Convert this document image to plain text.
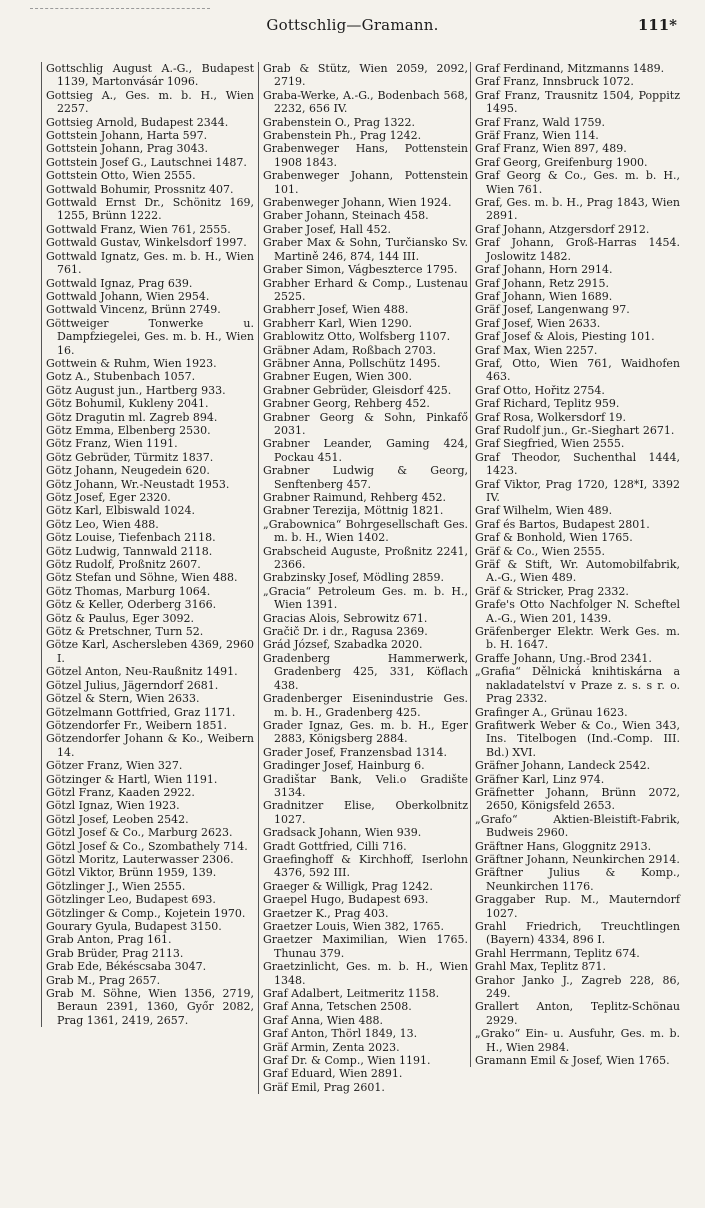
Gottschlig—Gramann.	111*

Gottschlig August A.-G., Budapest 1139, Martonvásár 1096.

Gottsieg A., Ges. m. b. H., Wien 2257.

Gottsieg Arnold, Budapest 2344.

Gottstein Johann, Harta 597.

Gottstein Johann, Prag 3043.

Gottstein Josef G., Lautschnei 1487.

Gottstein Otto, Wien 2555.

Gottwald Bohumir, Prossnitz 407.

Gottwald Ernst Dr., Schönitz 169, 1255, Brünn 1222.

Gottwald Franz, Wien 761, 2555.

Gottwald Gustav, Winkelsdorf 1997.

Gottwald Ignatz, Ges. m. b. H., Wien 761.

Gottwald Ignaz, Prag 639.

Gottwald Johann, Wien 2954.

Gottwald Vincenz, Brünn 2749.

Göttweiger Tonwerke u. Dampfziegelei, Ges. m. b. H., Wien 16.

Gottwein & Ruhm, Wien 1923.

Gotz A., Stubenbach 1057.

Götz August jun., Hartberg 933.

Götz Bohumil, Kukleny 2041.

Götz Dragutin ml. Zagreb 894.

Götz Emma, Elbenberg 2530.

Götz Franz, Wien 1191.

Götz Gebrüder, Türmitz 1837.

Götz Johann, Neugedein 620.

Götz Johann, Wr.-Neustadt 1953.

Götz Josef, Eger 2320.

Götz Karl, Elbiswald 1024.

Götz Leo, Wien 488.

Götz Louise, Tiefenbach 2118.

Götz Ludwig, Tannwald 2118.

Götz Rudolf, Proßnitz 2607.

Götz Stefan und Söhne, Wien 488.

Götz Thomas, Marburg 1064.

Götz & Keller, Oderberg 3166.

Götz & Paulus, Eger 3092.

Götz & Pretschner, Turn 52.

Götze Karl, Aschersleben 4369, 2960 I.

Götzel Anton, Neu-Raußnitz 1491.

Götzel Julius, Jägerndorf 2681.

Götzel & Stern, Wien 2633.

Götzelmann Gottfried, Graz 1171.

Götzendorfer Fr., Weibern 1851.

Götzendorfer Johann & Ko., Weibern 14.

Götzer Franz, Wien 327.

Götzinger & Hartl, Wien 1191.

Götzl Franz, Kaaden 2922.

Götzl Ignaz, Wien 1923.

Götzl Josef, Leoben 2542.

Götzl Josef & Co., Marburg 2623.

Götzl Josef & Co., Szombathely 714.

Götzl Moritz, Lauterwasser 2306.

Götzl Viktor, Brünn 1959, 139.

Götzlinger J., Wien 2555.

Götzlinger Leo, Budapest 693.

Götzlinger & Comp., Kojetein 1970.

Gourary Gyula, Budapest 3150.

Grab Anton, Prag 161.

Grab Brüder, Prag 2113.

Grab Ede, Békéscsaba 3047.

Grab M., Prag 2657.

Grab M. Söhne, Wien 1356, 2719, Beraun 2391, 1360, Győr 2082, Prag 1361, 2419, 2657.

Grab & Stütz, Wien 2059, 2092, 2719.

Graba-Werke, A.-G., Bodenbach 568, 2232, 656 IV.

Grabenstein O., Prag 1322.

Grabenstein Ph., Prag 1242.

Grabenweger Hans, Pottenstein 1908 1843.

Grabenweger Johann, Pottenstein 101.

Grabenweger Johann, Wien 1924.

Graber Johann, Steinach 458.

Graber Josef, Hall 452.

Graber Max & Sohn, Turčiansko Sv. Martině 246, 874, 144 III.

Graber Simon, Vágbeszterce 1795.

Grabher Erhard & Comp., Lustenau 2525.

Grabherr Josef, Wien 488.

Grabherr Karl, Wien 1290.

Grablowitz Otto, Wolfsberg 1107.

Gräbner Adam, Roßbach 2703.

Gräbner Anna, Pollschütz 1495.

Grabner Eugen, Wien 300.

Grabner Gebrüder, Gleisdorf 425.

Grabner Georg, Rehberg 452.

Grabner Georg & Sohn, Pinkafő 2031.

Grabner Leander, Gaming 424, Pockau 451.

Grabner Ludwig & Georg, Senftenberg 457.

Grabner Raimund, Rehberg 452.

Grabner Terezija, Möttnig 1821.

„Grabownica“ Bohrgesellschaft Ges. m. b. H., Wien 1402.

Grabscheid Auguste, Proßnitz 2241, 2366.

Grabzinsky Josef, Mödling 2859.

„Gracia“ Petroleum Ges. m. b. H., Wien 1391.

Gracias Alois, Sebrowitz 671.

Gračič Dr. i dr., Ragusa 2369.

Grád József, Szabadka 2020.

Gradenberg Hammerwerk, Gradenberg 425, 331, Köflach 438.

Gradenberger Eisenindustrie Ges. m. b. H., Gradenberg 425.

Grader Ignaz, Ges. m. b. H., Eger 2883, Königsberg 2884.

Grader Josef, Franzensbad 1314.

Gradinger Josef, Hainburg 6.

Gradištar Bank, Veli.o Gradište 3134.

Gradnitzer Elise, Oberkolbnitz 1027.

Gradsack Johann, Wien 939.

Gradt Gottfried, Cilli 716.

Graefinghoff & Kirchhoff, Iserlohn 4376, 592 III.

Graeger & Willigk, Prag 1242.

Graepel Hugo, Budapest 693.

Graetzer K., Prag 403.

Graetzer Louis, Wien 382, 1765.

Graetzer Maximilian, Wien 1765. Thunau 379.

Graetzinlicht, Ges. m. b. H., Wien 1348.

Graf Adalbert, Leitmeritz 1158.

Graf Anna, Tetschen 2508.

Graf Anna, Wien 488.

Graf Anton, Thörl 1849, 13.

Gräf Armin, Zenta 2023.

Graf Dr. & Comp., Wien 1191.

Graf Eduard, Wien 2891.

Gräf Emil, Prag 2601.

Graf Ferdinand, Mitzmanns 1489.

Graf Franz, Innsbruck 1072.

Graf Franz, Trausnitz 1504, Poppitz 1495.

Graf Franz, Wald 1759.

Gräf Franz, Wien 114.

Graf Franz, Wien 897, 489.

Graf Georg, Greifenburg 1900.

Graf Georg & Co., Ges. m. b. H., Wien 761.

Graf, Ges. m. b. H., Prag 1843, Wien 2891.

Graf Johann, Atzgersdorf 2912.

Graf Johann, Groß-Harras 1454. Joslowitz 1482.

Graf Johann, Horn 2914.

Graf Johann, Retz 2915.

Graf Johann, Wien 1689.

Gräf Josef, Langenwang 97.

Graf Josef, Wien 2633.

Graf Josef & Alois, Piesting 101.

Graf Max, Wien 2257.

Graf, Otto, Wien 761, Waidhofen 463.

Graf Otto, Hořitz 2754.

Graf Richard, Teplitz 959.

Graf Rosa, Wolkersdorf 19.

Graf Rudolf jun., Gr.-Sieghart 2671.

Graf Siegfried, Wien 2555.

Graf Theodor, Suchenthal 1444, 1423.

Graf Viktor, Prag 1720, 128*I, 3392 IV.

Graf Wilhelm, Wien 489.

Graf és Bartos, Budapest 2801.

Graf & Bonhold, Wien 1765.

Gräf & Co., Wien 2555.

Gräf & Stift, Wr. Automobilfabrik, A.-G., Wien 489.

Gräf & Stricker, Prag 2332.

Grafe's Otto Nachfolger N. Scheftel A.-G., Wien 201, 1439.

Gräfenberger Elektr. Werk Ges. m. b. H. 1647.

Graffe Johann, Ung.-Brod 2341.

„Grafia“ Dělnická knihtiskárna a nakladatelství v Praze z. s. s r. o. Prag 2332.

Grafinger A., Grünau 1623.

Grafitwerk Weber & Co., Wien 343, Ins. Titelbogen (Ind.-Comp. III. Bd.) XVI.

Gräfner Johann, Landeck 2542.

Gräfner Karl, Linz 974.

Gräfnetter Johann, Brünn 2072, 2650, Königsfeld 2653.

„Grafo“ Aktien-Bleistift-Fabrik, Budweis 2960.

Gräftner Hans, Gloggnitz 2913.

Gräftner Johann, Neunkirchen 2914.

Gräftner Julius & Komp., Neunkirchen 1176.

Graggaber Rup. M., Mauterndorf 1027.

Grahl Friedrich, Treuchtlingen (Bayern) 4334, 896 I.

Grahl Herrmann, Teplitz 674.

Grahl Max, Teplitz 871.

Grahor Janko J., Zagreb 228, 86, 249.

Grallert Anton, Teplitz-Schönau 2929.

„Grako“ Ein- u. Ausfuhr, Ges. m. b. H., Wien 2984.

Gramann Emil & Josef, Wien 1765.
